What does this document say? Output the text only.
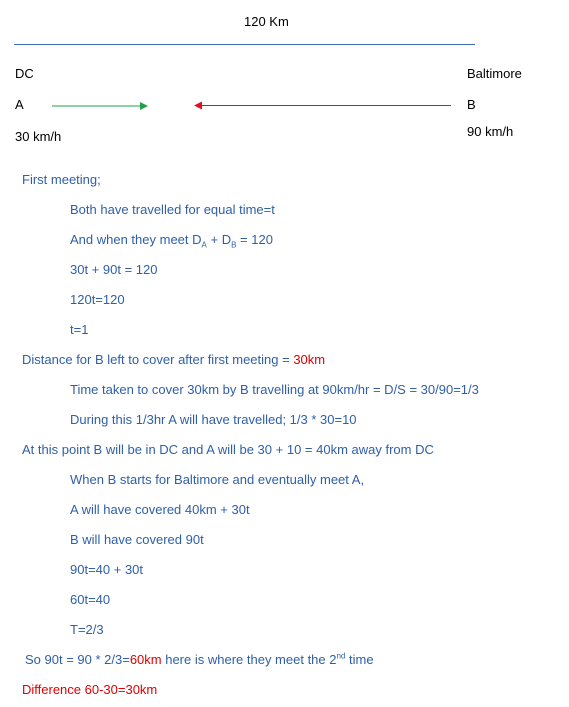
120 Km
DC	Baltimore
A	B
30 km/h	90 km/h
First meeting;
Both have travelled for equal time=t
And when they meet $D_A + D_B = 120$
30t + 90t = 120
120t=120
t=1
Distance for B left to cover after first meeting = 30km
Time taken to cover 30km by B travelling at 90km/hr = D/S = 30/90=1/3
During this 1/3hr A will have travelled; 1/3 * 30=10
At this point B will be in DC and A will be 30 + 10 = 40km away from DC
When B starts for Baltimore and eventually meet A,
A will have covered 40km + 30t
B will have covered 90t
90t=40 + 30t
60t=40
T=2/3
So 90t = 90 * 2/3=60km here is where they meet the 2nd time
Difference 60-30=30km
